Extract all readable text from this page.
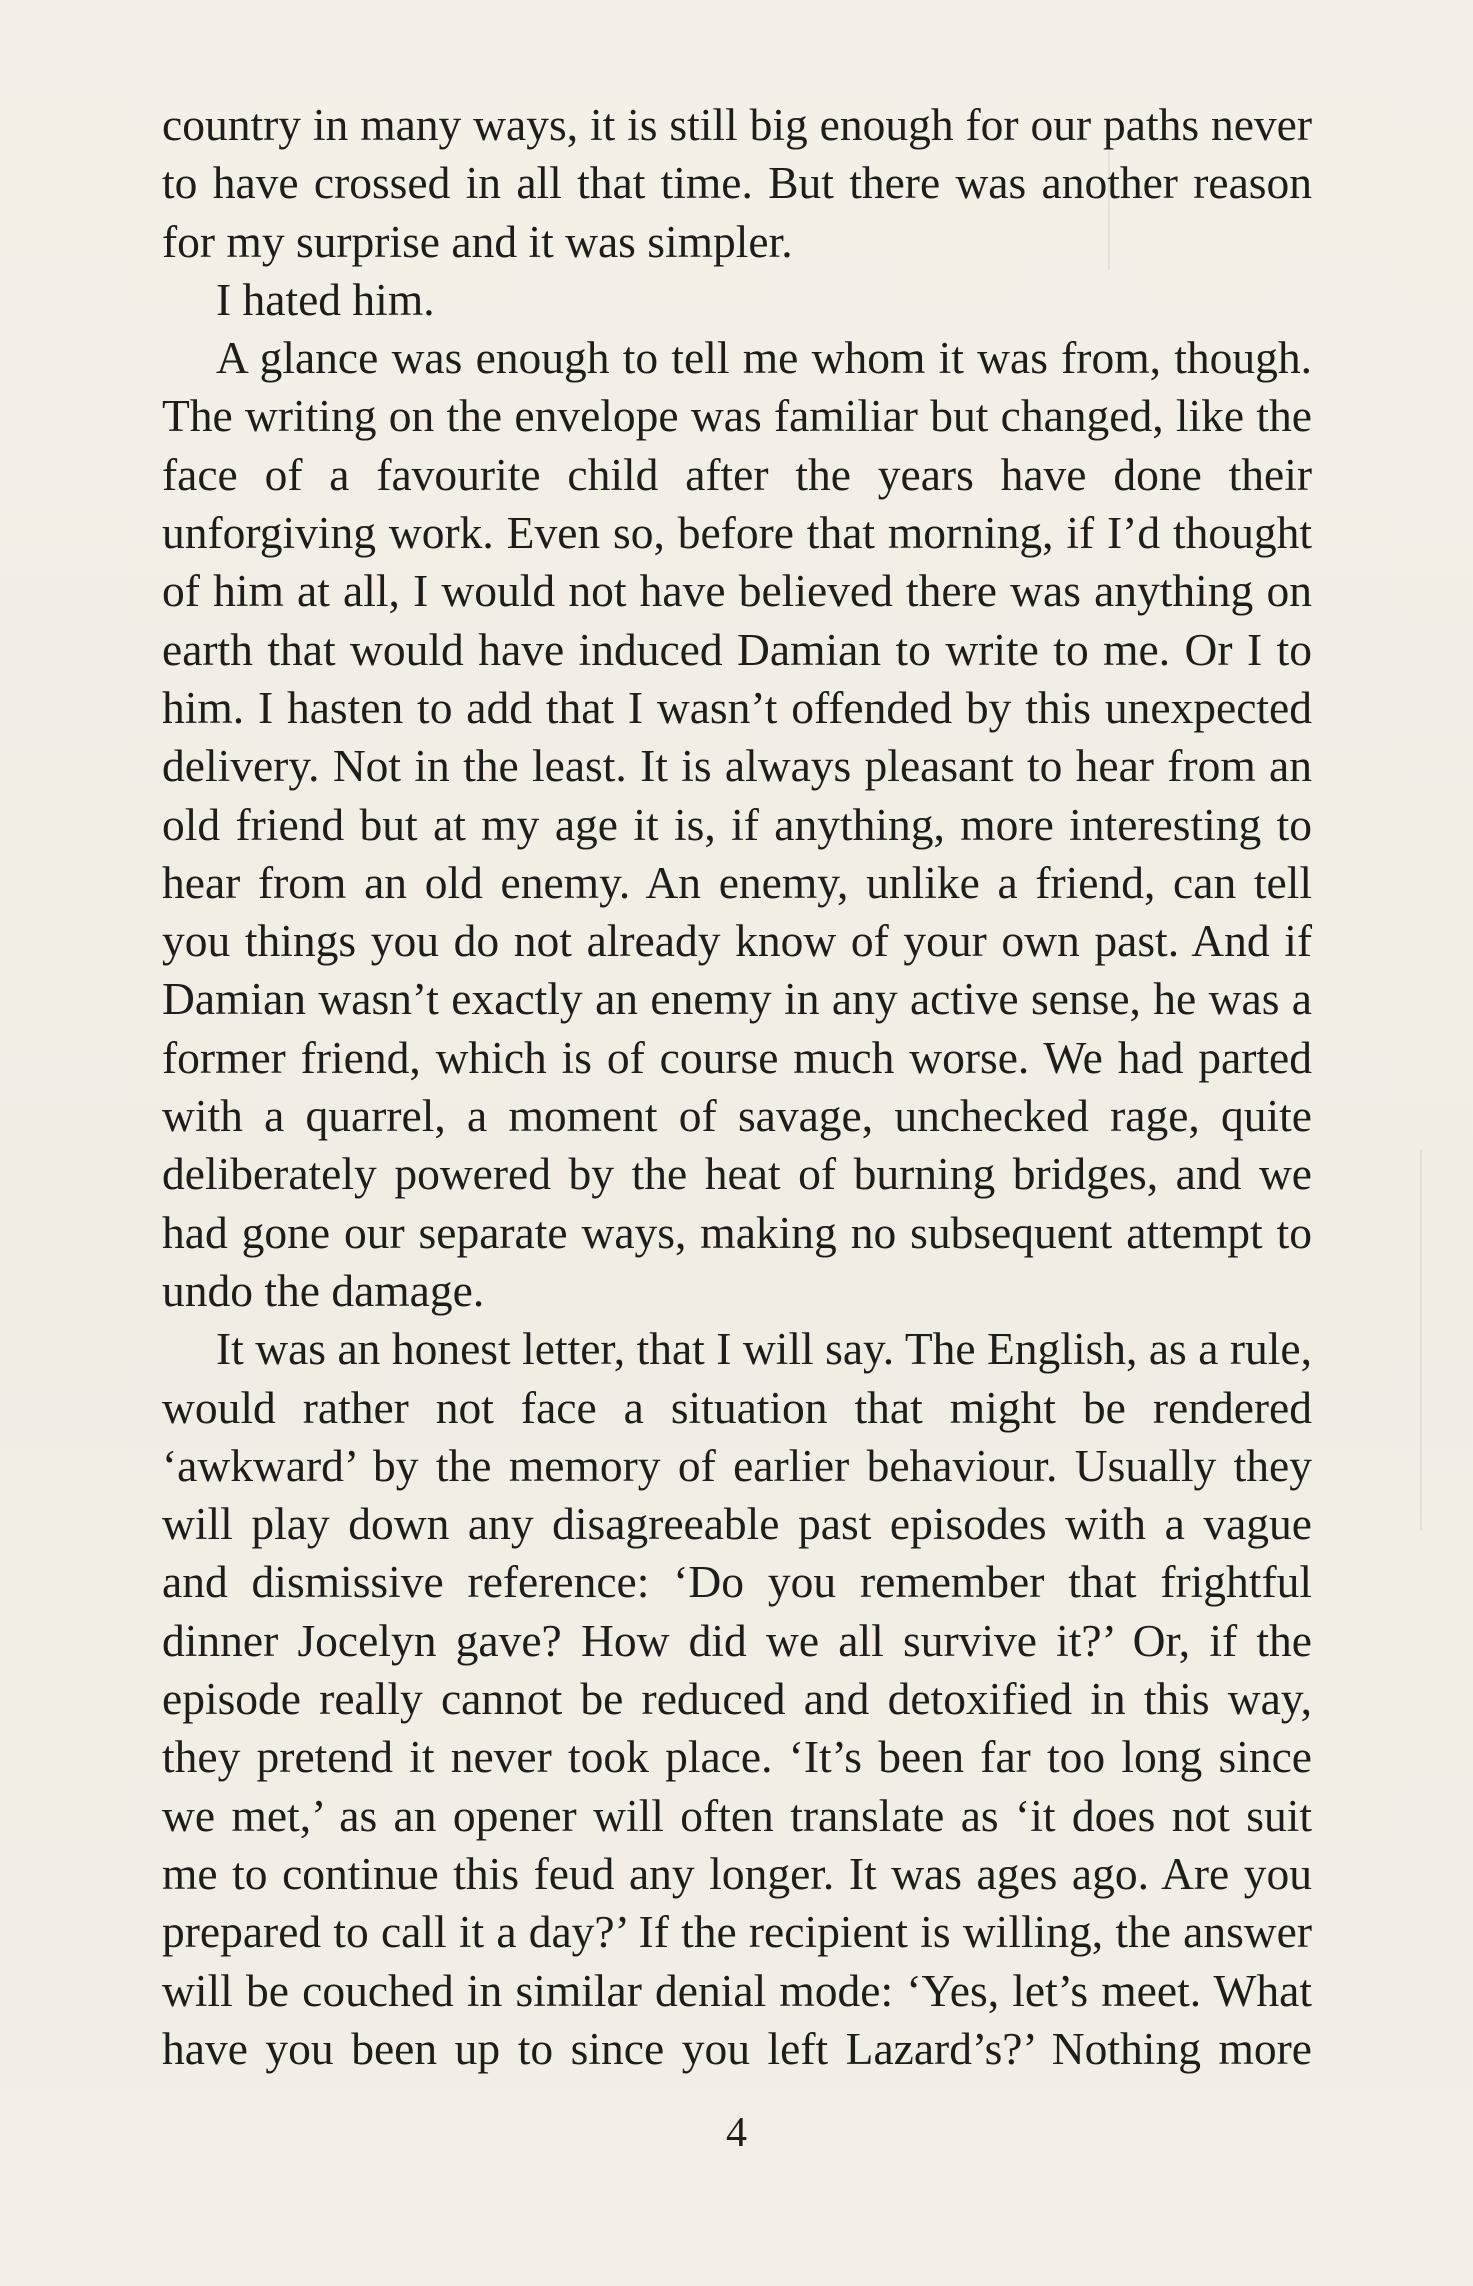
country in many ways, it is still big enough for our paths never to have crossed in all that time. But there was another reason for my surprise and it was simpler.

I hated him.

A glance was enough to tell me whom it was from, though. The writing on the envelope was familiar but changed, like the face of a favourite child after the years have done their unforgiving work. Even so, before that morning, if I’d thought of him at all, I would not have believed there was anything on earth that would have induced Damian to write to me. Or I to him. I hasten to add that I wasn’t offended by this unexpected delivery. Not in the least. It is always pleasant to hear from an old friend but at my age it is, if anything, more interesting to hear from an old enemy. An enemy, unlike a friend, can tell you things you do not already know of your own past. And if Damian wasn’t exactly an enemy in any active sense, he was a former friend, which is of course much worse. We had parted with a quarrel, a moment of savage, unchecked rage, quite deliberately powered by the heat of burning bridges, and we had gone our separate ways, making no subsequent attempt to undo the damage.

It was an honest letter, that I will say. The English, as a rule, would rather not face a situation that might be rendered ‘awkward’ by the memory of earlier behaviour. Usually they will play down any disagreeable past episodes with a vague and dismissive reference: ‘Do you remember that frightful dinner Jocelyn gave? How did we all survive it?’ Or, if the episode really cannot be reduced and detoxified in this way, they pretend it never took place. ‘It’s been far too long since we met,’ as an opener will often translate as ‘it does not suit me to continue this feud any longer. It was ages ago. Are you prepared to call it a day?’ If the recipient is willing, the answer will be couched in similar denial mode: ‘Yes, let’s meet. What have you been up to since you left Lazard’s?’ Nothing more

4
